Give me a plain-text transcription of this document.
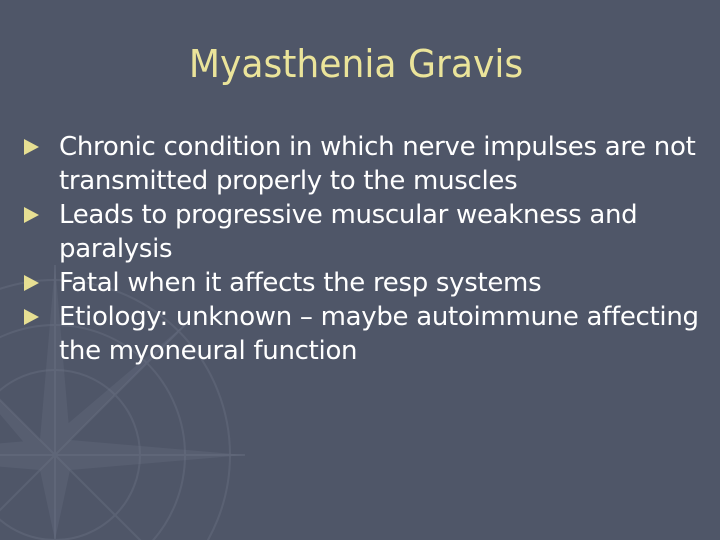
Myasthenia Gravis
Chronic condition in which nerve impulses are not transmitted properly to the muscles
Leads to progressive muscular weakness and paralysis
Fatal when it affects the resp systems
Etiology: unknown – maybe autoimmune affecting the myoneural function
